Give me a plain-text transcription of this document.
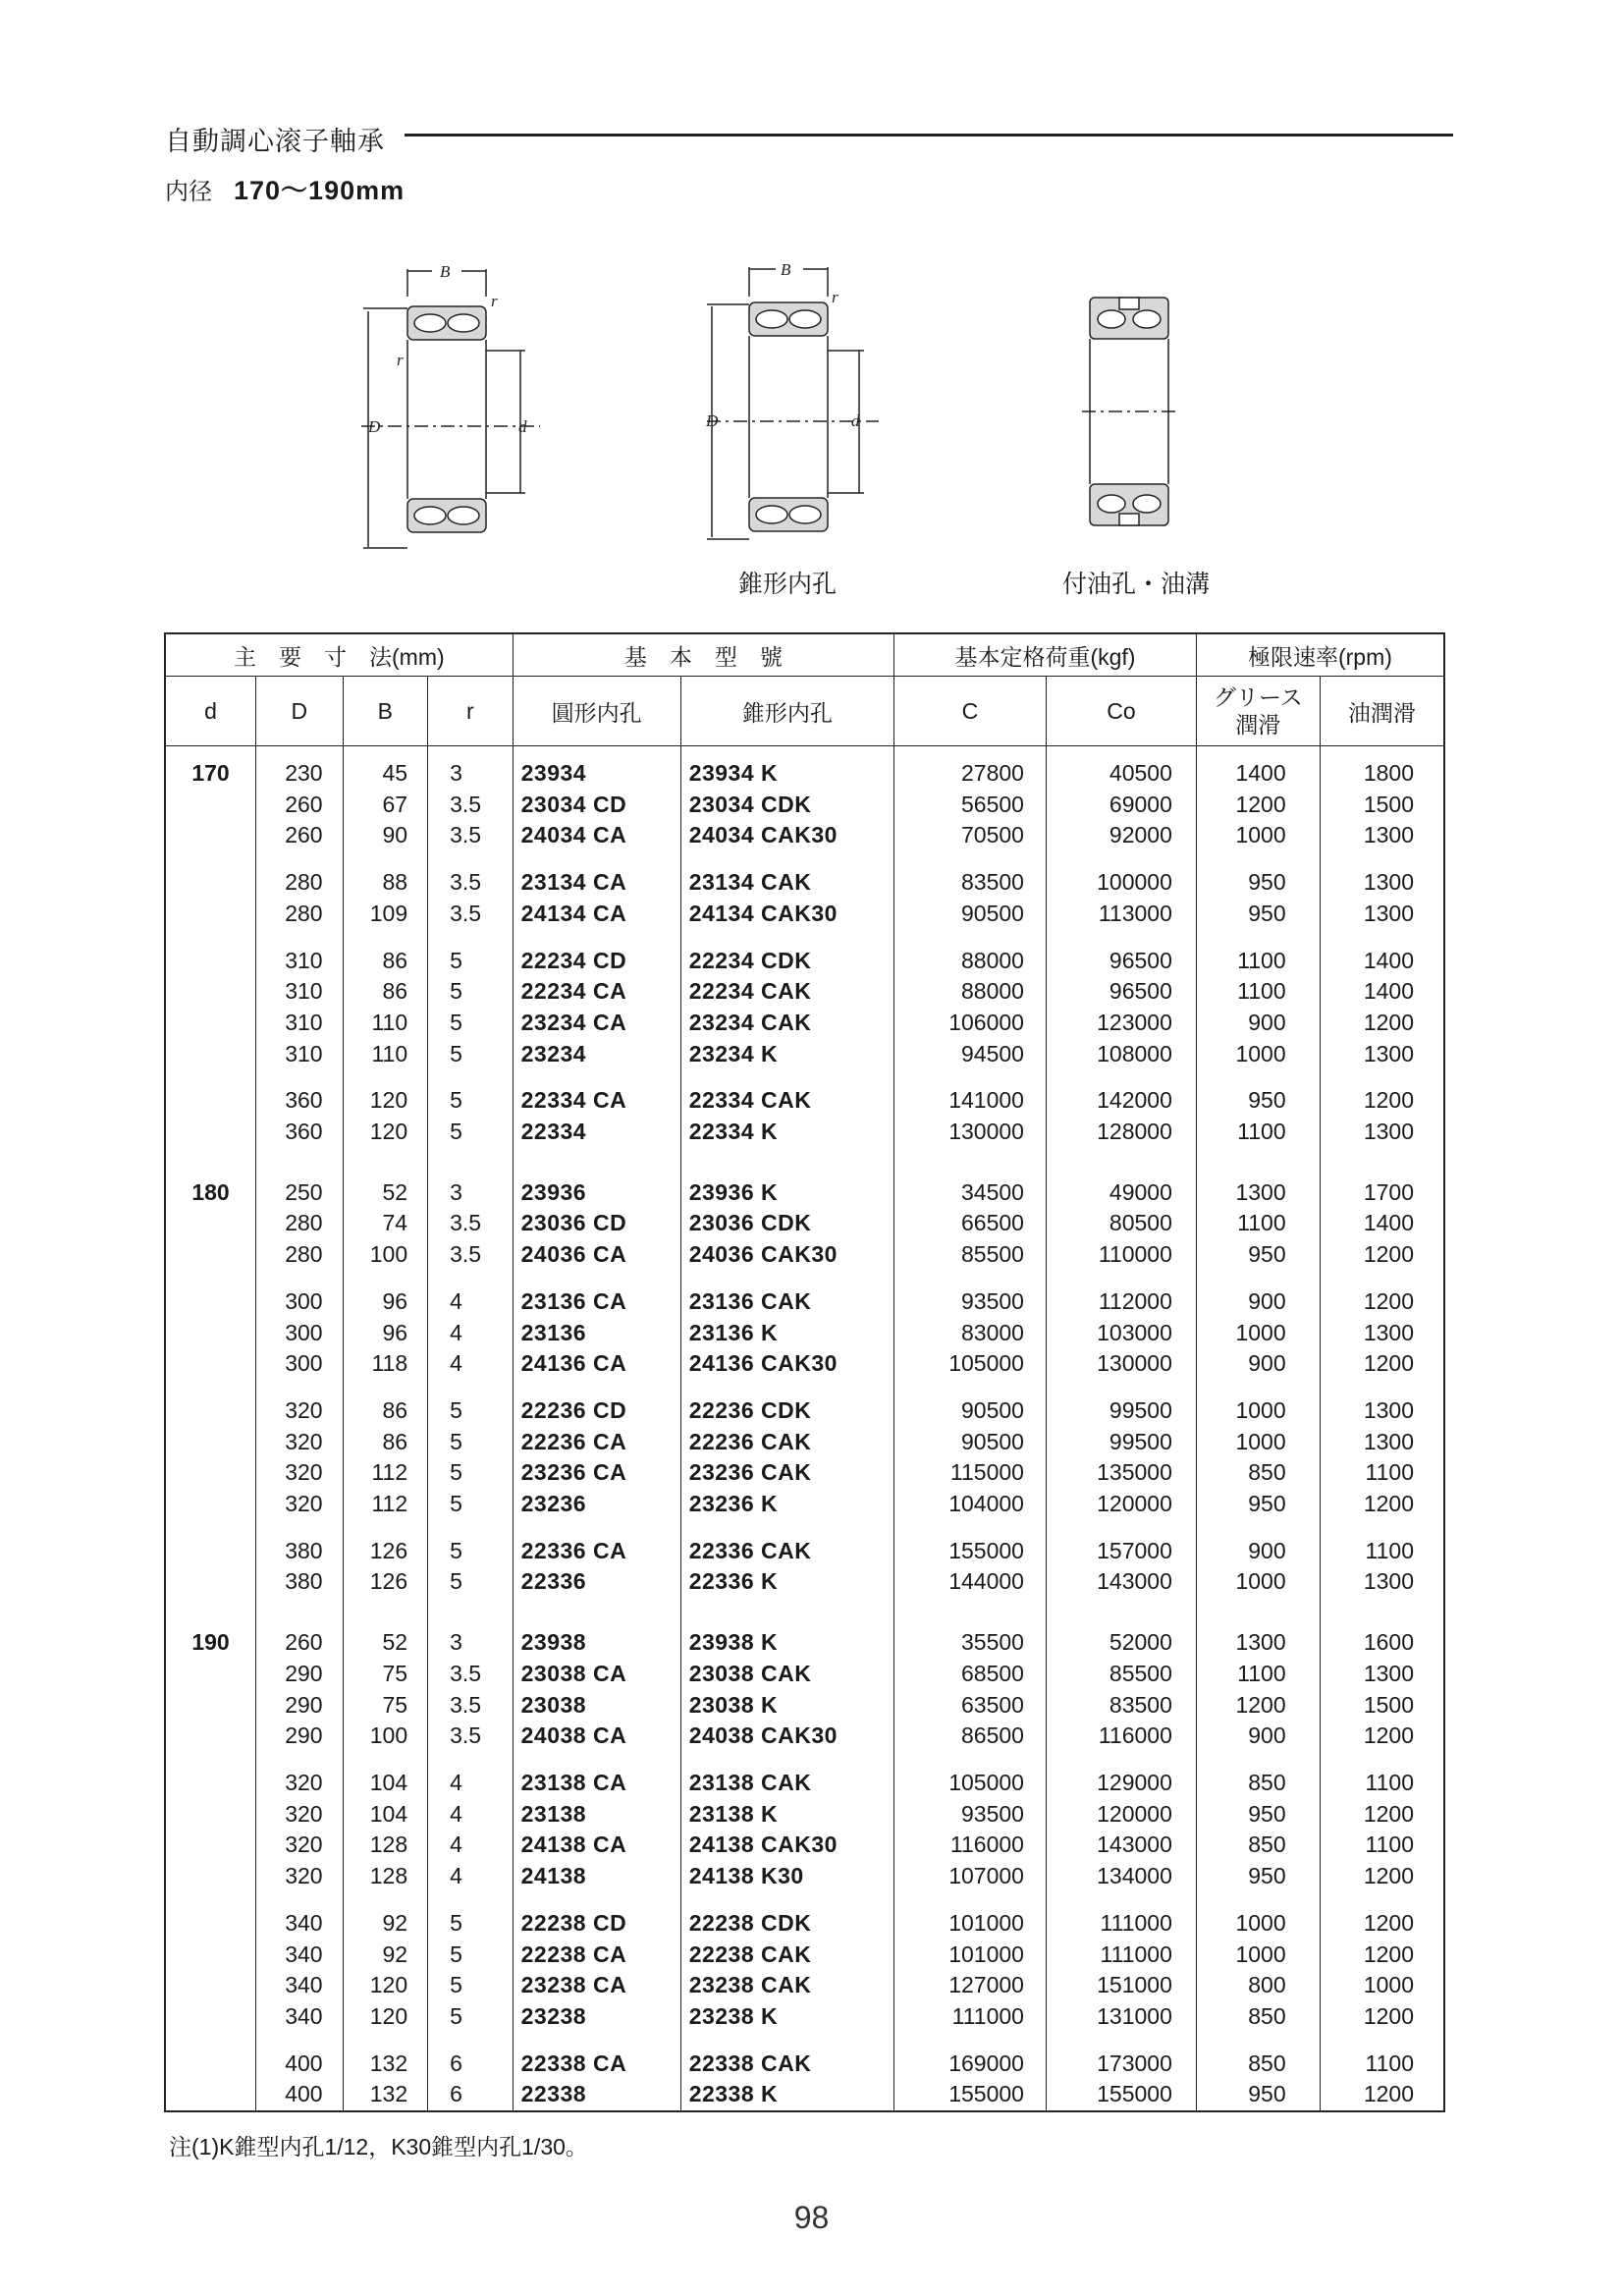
自動調心滚子軸承
内径 170～190mm
B
r
r
D	d
B
r
D	d
錐形内孔	付油孔・油溝
主　要　寸　法(mm)				基　本　型　號		基本定格荷重(kgf)		極限速率(rpm)	
d	D	B	r	圓形内孔	錐形内孔	C	Co	グリース潤滑	油潤滑
170	230	45	3	23934	23934 K	27800	40500	1400	1800
	260	67	3.5	23034 CD	23034 CDK	56500	69000	1200	1500
	260	90	3.5	24034 CA	24034 CAK30	70500	92000	1000	1300

	280	88	3.5	23134 CA	23134 CAK	83500	100000	950	1300
	280	109	3.5	24134 CA	24134 CAK30	90500	113000	950	1300

	310	86	5	22234 CD	22234 CDK	88000	96500	1100	1400
	310	86	5	22234 CA	22234 CAK	88000	96500	1100	1400
	310	110	5	23234 CA	23234 CAK	106000	123000	900	1200
	310	110	5	23234	23234 K	94500	108000	1000	1300

	360	120	5	22334 CA	22334 CAK	141000	142000	950	1200
	360	120	5	22334	22334 K	130000	128000	1100	1300

180	250	52	3	23936	23936 K	34500	49000	1300	1700
	280	74	3.5	23036 CD	23036 CDK	66500	80500	1100	1400
	280	100	3.5	24036 CA	24036 CAK30	85500	110000	950	1200

	300	96	4	23136 CA	23136 CAK	93500	112000	900	1200
	300	96	4	23136	23136 K	83000	103000	1000	1300
	300	118	4	24136 CA	24136 CAK30	105000	130000	900	1200

	320	86	5	22236 CD	22236 CDK	90500	99500	1000	1300
	320	86	5	22236 CA	22236 CAK	90500	99500	1000	1300
	320	112	5	23236 CA	23236 CAK	115000	135000	850	1100
	320	112	5	23236	23236 K	104000	120000	950	1200

	380	126	5	22336 CA	22336 CAK	155000	157000	900	1100
	380	126	5	22336	22336 K	144000	143000	1000	1300

190	260	52	3	23938	23938 K	35500	52000	1300	1600
	290	75	3.5	23038 CA	23038 CAK	68500	85500	1100	1300
	290	75	3.5	23038	23038 K	63500	83500	1200	1500
	290	100	3.5	24038 CA	24038 CAK30	86500	116000	900	1200

	320	104	4	23138 CA	23138 CAK	105000	129000	850	1100
	320	104	4	23138	23138 K	93500	120000	950	1200
	320	128	4	24138 CA	24138 CAK30	116000	143000	850	1100
	320	128	4	24138	24138 K30	107000	134000	950	1200

	340	92	5	22238 CD	22238 CDK	101000	111000	1000	1200
	340	92	5	22238 CA	22238 CAK	101000	111000	1000	1200
	340	120	5	23238 CA	23238 CAK	127000	151000	800	1000
	340	120	5	23238	23238 K	111000	131000	850	1200

	400	132	6	22338 CA	22338 CAK	169000	173000	850	1100
	400	132	6	22338	22338 K	155000	155000	950	1200
注(1)K錐型内孔1/12，K30錐型内孔1/30。
98
